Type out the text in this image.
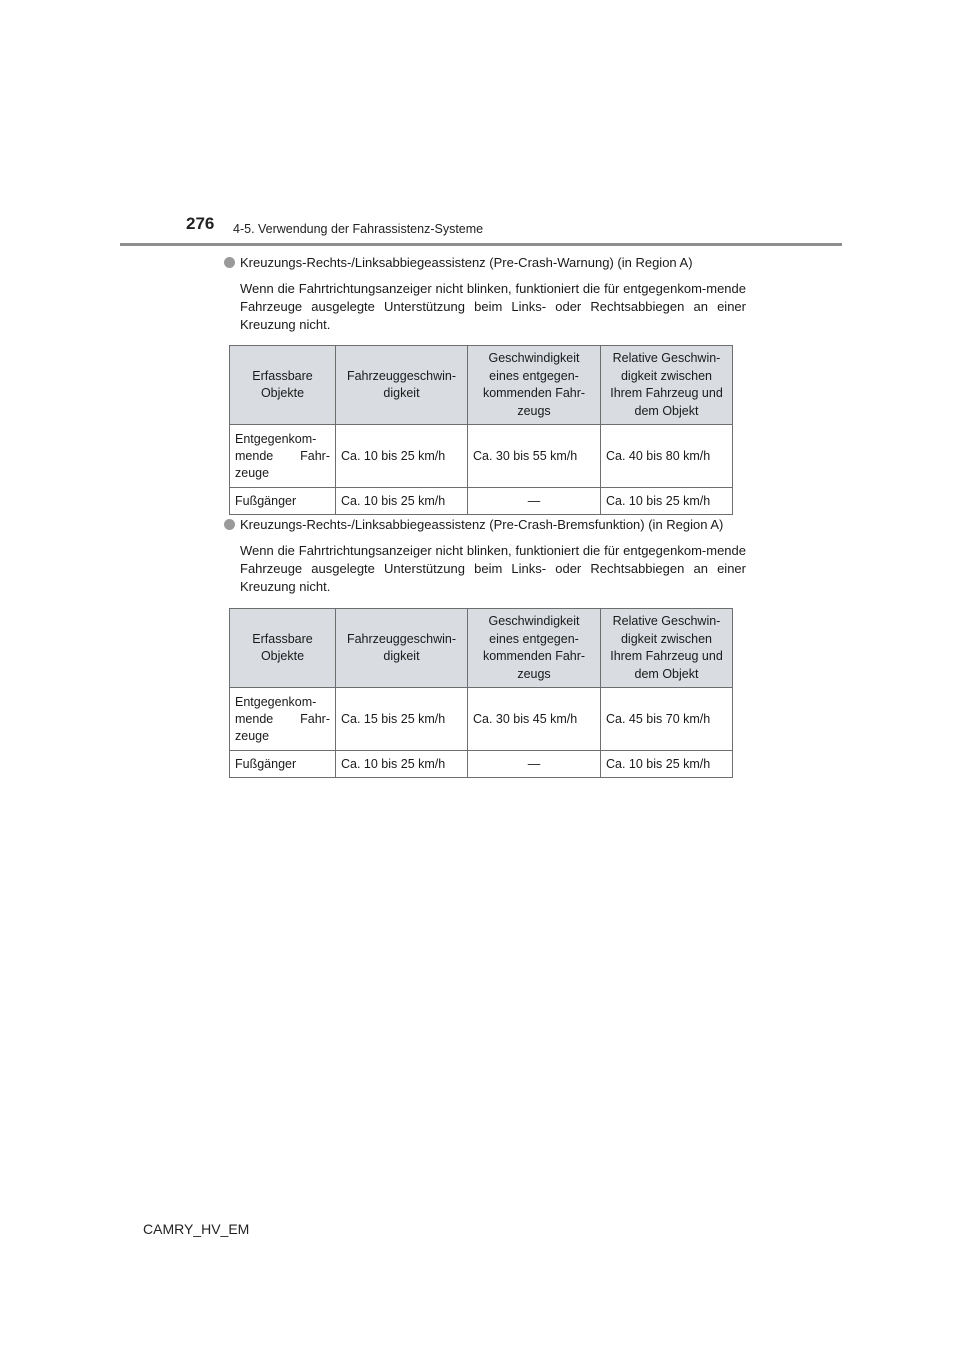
276 4-5. Verwendung der Fahrassistenz-Systeme
Kreuzungs-Rechts-/Linksabbiegeassistenz (Pre-Crash-Warnung) (in Region A)
Wenn die Fahrtrichtungsanzeiger nicht blinken, funktioniert die für entgegenkom-mende Fahrzeuge ausgelegte Unterstützung beim Links- oder Rechtsabbiegen an einer Kreuzung nicht.
Erfassbare Objekte	Fahrzeuggeschwin-digkeit	Geschwindigkeit eines entgegen-kommenden Fahr-zeugs	Relative Geschwin-digkeit zwischen Ihrem Fahrzeug und dem Objekt
Entgegenkom-mende Fahr-zeuge	Ca. 10 bis 25 km/h	Ca. 30 bis 55 km/h	Ca. 40 bis 80 km/h
Fußgänger	Ca. 10 bis 25 km/h	—	Ca. 10 bis 25 km/h
Kreuzungs-Rechts-/Linksabbiegeassistenz (Pre-Crash-Bremsfunktion) (in Region A)
Wenn die Fahrtrichtungsanzeiger nicht blinken, funktioniert die für entgegenkom-mende Fahrzeuge ausgelegte Unterstützung beim Links- oder Rechtsabbiegen an einer Kreuzung nicht.
Erfassbare Objekte	Fahrzeuggeschwin-digkeit	Geschwindigkeit eines entgegen-kommenden Fahr-zeugs	Relative Geschwin-digkeit zwischen Ihrem Fahrzeug und dem Objekt
Entgegenkom-mende Fahr-zeuge	Ca. 15 bis 25 km/h	Ca. 30 bis 45 km/h	Ca. 45 bis 70 km/h
Fußgänger	Ca. 10 bis 25 km/h	—	Ca. 10 bis 25 km/h
CAMRY_HV_EM
